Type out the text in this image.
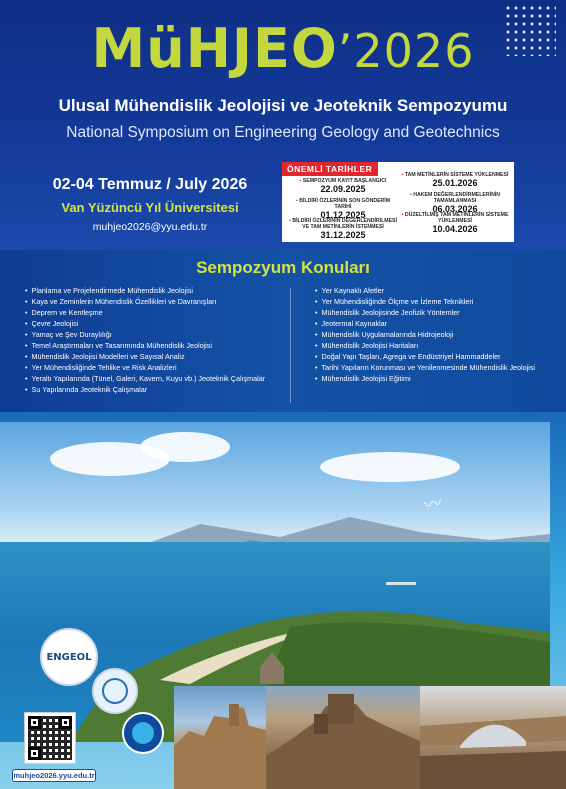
MüHJEO’2026
Ulusal Mühendislik Jeolojisi ve Jeoteknik Sempozyumu
National Symposium on Engineering Geology and Geotechnics
02-04 Temmuz / July 2026
Van Yüzüncü Yıl Üniversitesi
muhjeo2026@yyu.edu.tr
ÖNEMLİ TARİHLER
▪ SEMPOZYUM KAYIT BAŞLANGICI
22.09.2025
▪ BİLDİRİ ÖZLERİNİN SON GÖNDERİM TARİHİ
01.12.2025
▪ BİLDİRİ ÖZLERİNİN DEĞERLENDİRİLMESİ VE TAM METİNLERİN İSTENMESİ
31.12.2025
▪ TAM METİNLERİN SİSTEME YÜKLENMESİ
25.01.2026
▪ HAKEM DEĞERLENDİRMELERİNİN TAMAMLANMASI
06.03.2026
▪ DÜZELTİLMİŞ TAM METİNLERİN SİSTEME YÜKLENMESİ
10.04.2026
Sempozyum Konuları
• Planlama ve Projelendirmede Mühendislik Jeolojisi
• Kaya ve Zeminlerin Mühendislik Özellikleri ve Davranışları
• Deprem ve Kentleşme
• Çevre Jeolojisi
• Yamaç ve Şev Duraylılığı
• Temel Araştırmaları ve Tasarımında Mühendislik Jeolojisi
• Mühendislik Jeolojisi Modelleri ve Sayısal Analiz
• Yer Mühendisliğinde Tehlike ve Risk Analizleri
• Yeraltı Yapılarında (Tünel, Galeri, Kavern, Kuyu vb.) Jeoteknik Çalışmalar
• Su Yapılarında Jeoteknik Çalışmalar
• Yer Kaynaklı Afetler
• Yer Mühendisliğinde Ölçme ve İzleme Teknikleri
• Mühendislik Jeolojisinde Jeofizik Yöntemler
• Jeotermal Kaynaklar
• Mühendislik Uygulamalarında Hidrojeoloji
• Mühendislik Jeolojisi Haritaları
• Doğal Yapı Taşları, Agrega ve Endüstriyel Hammaddeler
• Tarihi Yapıların Korunması ve Yenilenmesinde Mühendislik Jeolojisi
• Mühendislik Jeolojisi Eğitimi
〰
ENGEOL
muhjeo2026.yyu.edu.tr
